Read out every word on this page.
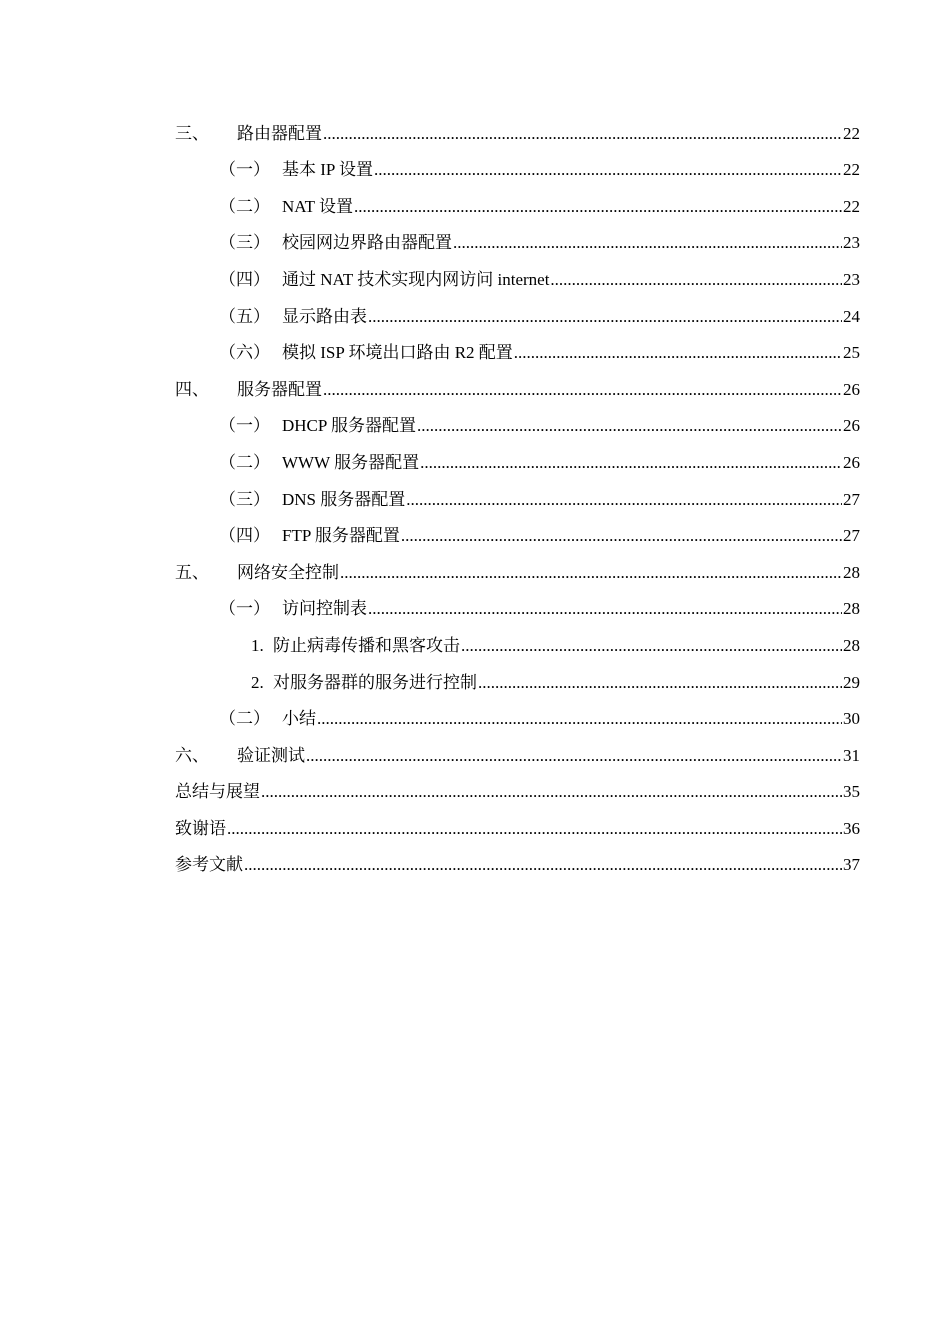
三、	路由器配置 .....	22
（一） 基本 IP 设置 .....	22
（二） NAT 设置 .....	22
（三） 校园网边界路由器配置 .....	23
（四） 通过 NAT 技术实现内网访问 internet .....	23
（五） 显示路由表 .....	24
（六） 模拟 ISP 环境出口路由 R2 配置 .....	25
四、	服务器配置 .....	26
（一） DHCP 服务器配置 .....	26
（二） WWW 服务器配置 .....	26
（三） DNS 服务器配置 .....	27
（四） FTP 服务器配置 .....	27
五、	网络安全控制 .....	28
（一） 访问控制表 .....	28
1. 防止病毒传播和黑客攻击 .....	28
2. 对服务器群的服务进行控制 .....	29
（二） 小结 .....	30
六、	验证测试 .....	31
总结与展望 .....	35
致谢语 .....	36
参考文献 .....	37
